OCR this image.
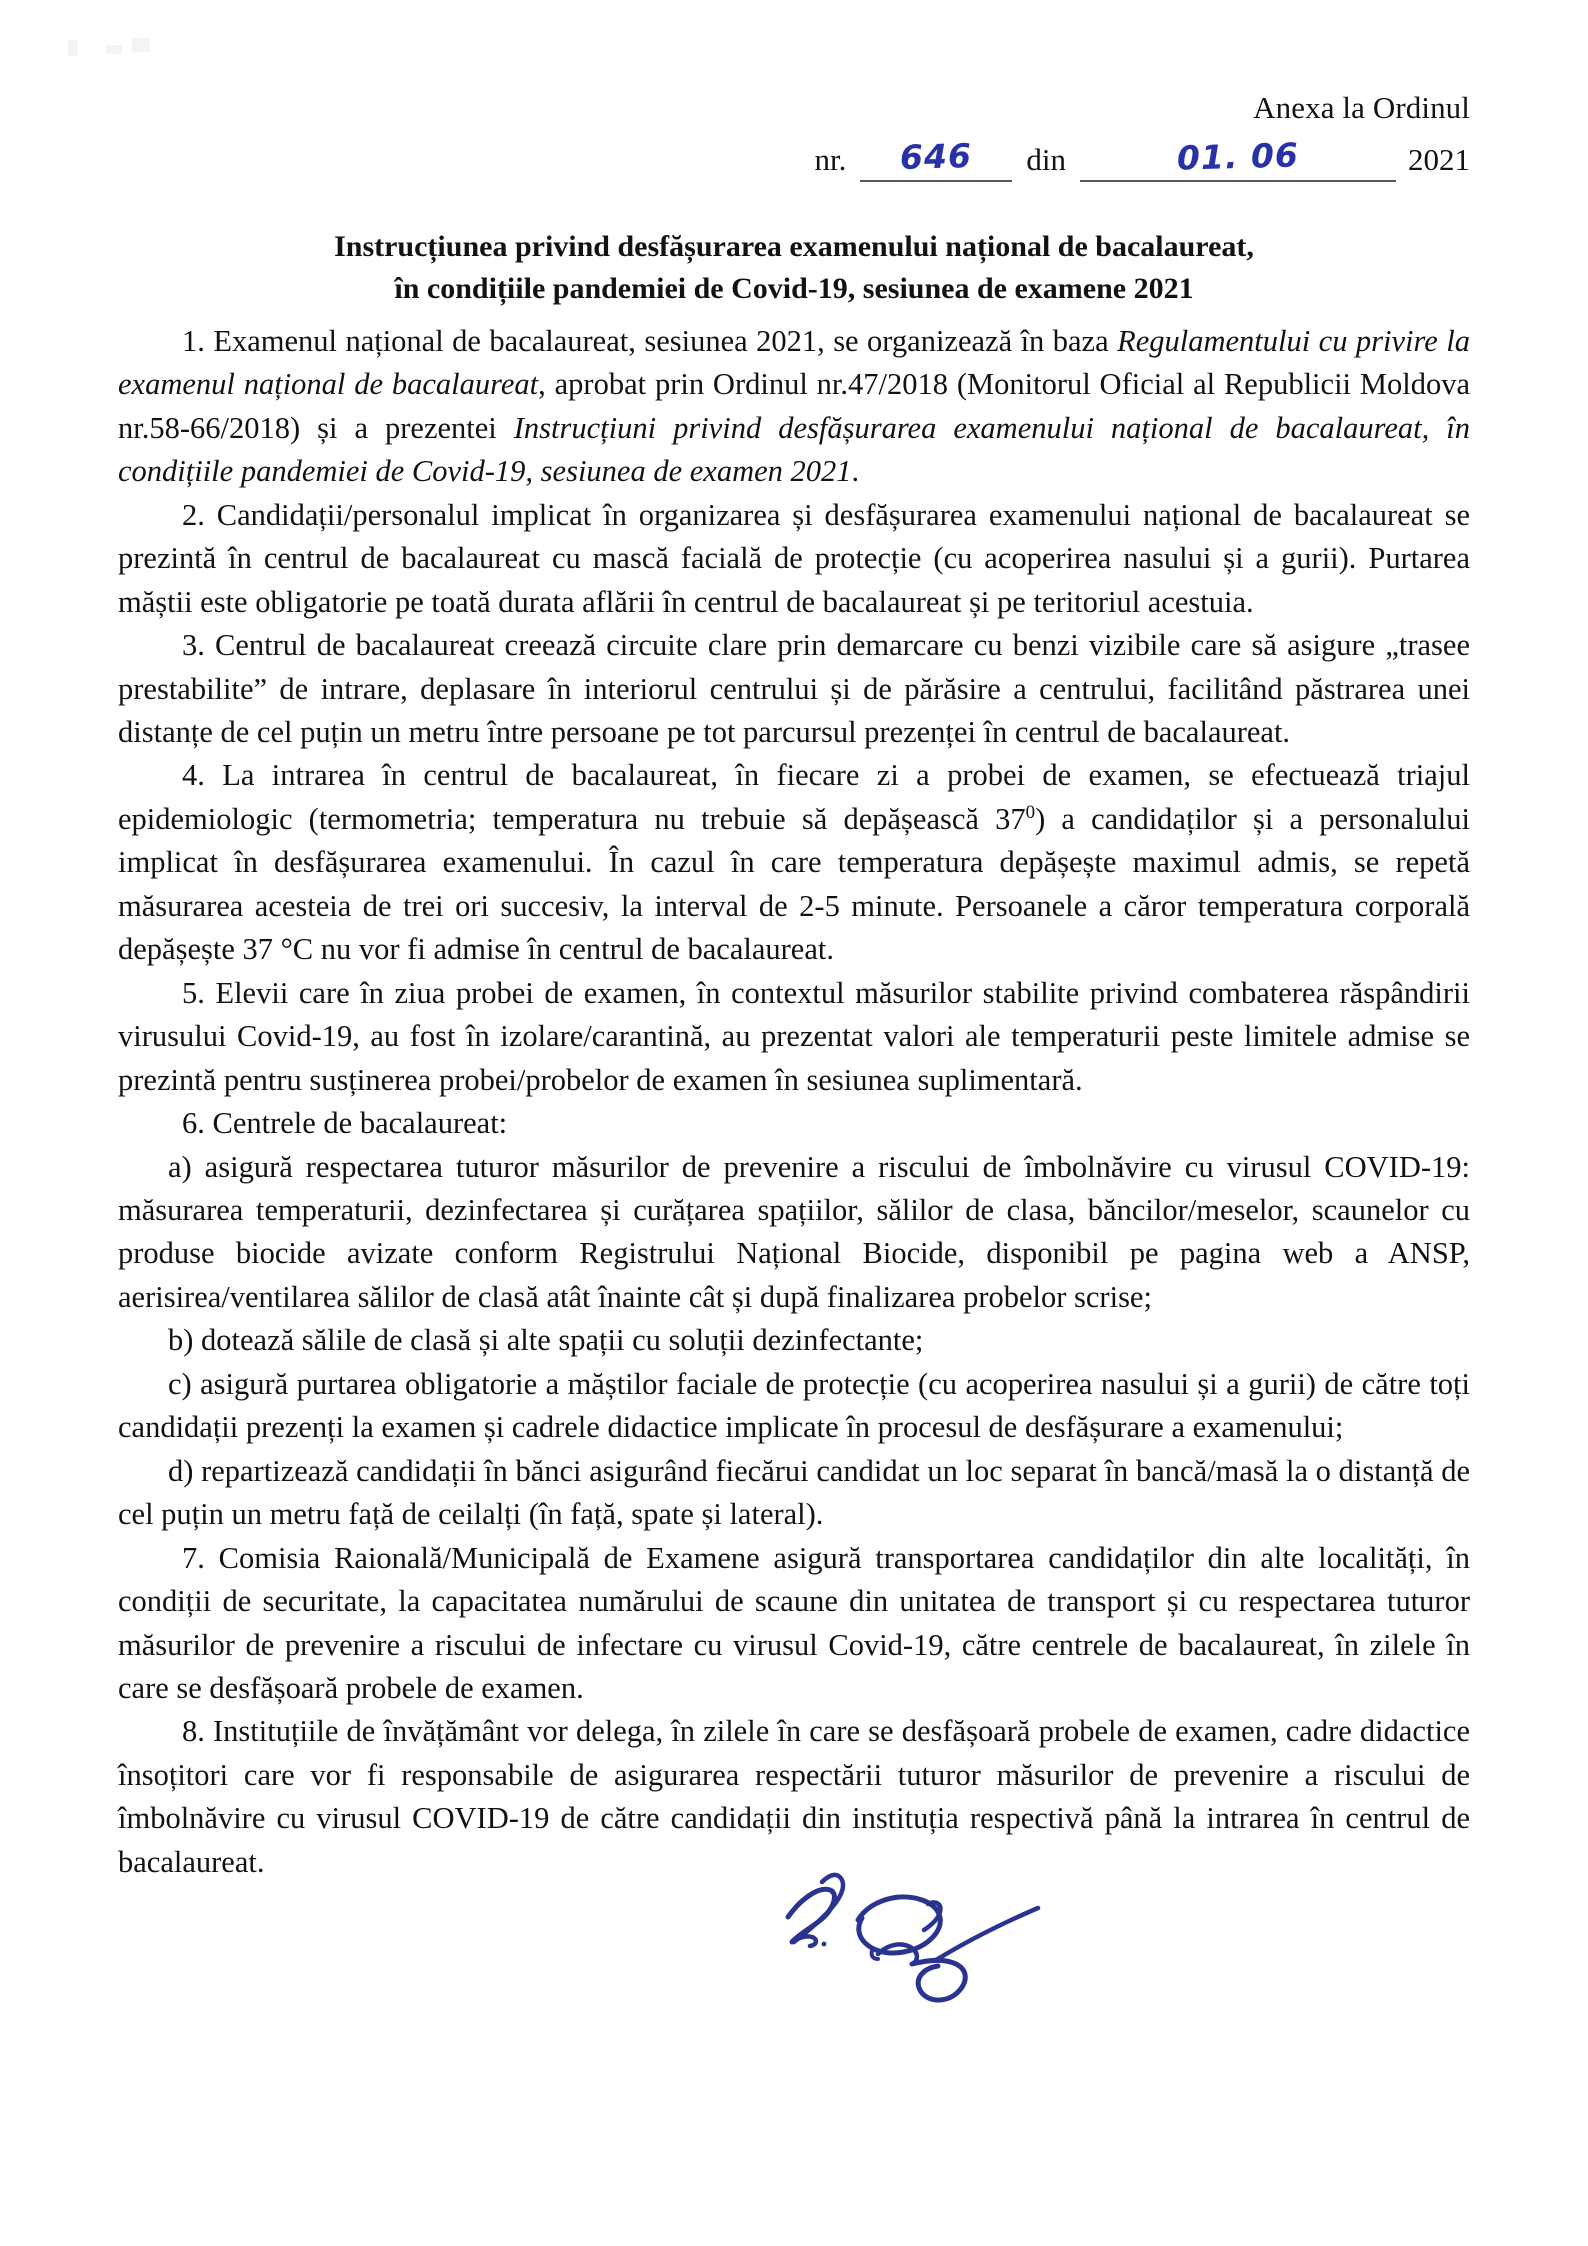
Anexa la Ordinul
nr.	646	din	01. 06	2021
Instrucțiunea privind desfășurarea examenului național de bacalaureat,
în condițiile pandemiei de Covid-19, sesiunea de examene 2021

1. Examenul național de bacalaureat, sesiunea 2021, se organizează în baza Regulamentului cu privire la examenul național de bacalaureat, aprobat prin Ordinul nr.47/2018 (Monitorul Oficial al Republicii Moldova nr.58-66/2018) și a prezentei Instrucțiuni privind desfășurarea examenului național de bacalaureat, în condițiile pandemiei de Covid-19, sesiunea de examen 2021.

2. Candidații/personalul implicat în organizarea și desfășurarea examenului național de bacalaureat se prezintă în centrul de bacalaureat cu mască facială de protecție (cu acoperirea nasului și a gurii). Purtarea măștii este obligatorie pe toată durata aflării în centrul de bacalaureat și pe teritoriul acestuia.

3. Centrul de bacalaureat creează circuite clare prin demarcare cu benzi vizibile care să asigure „trasee prestabilite” de intrare, deplasare în interiorul centrului și de părăsire a centrului, facilitând păstrarea unei distanțe de cel puțin un metru între persoane pe tot parcursul prezenței în centrul de bacalaureat.

4. La intrarea în centrul de bacalaureat, în fiecare zi a probei de examen, se efectuează triajul epidemiologic (termometria; temperatura nu trebuie să depășească $37^0$) a candidaților și a personalului implicat în desfășurarea examenului. În cazul în care temperatura depășește maximul admis, se repetă măsurarea acesteia de trei ori succesiv, la interval de 2-5 minute. Persoanele a căror temperatura corporală depășește 37 °C nu vor fi admise în centrul de bacalaureat.

5. Elevii care în ziua probei de examen, în contextul măsurilor stabilite privind combaterea răspândirii virusului Covid-19, au fost în izolare/carantină, au prezentat valori ale temperaturii peste limitele admise se prezintă pentru susținerea probei/probelor de examen în sesiunea suplimentară.

6. Centrele de bacalaureat:

a) asigură respectarea tuturor măsurilor de prevenire a riscului de îmbolnăvire cu virusul COVID-19: măsurarea temperaturii, dezinfectarea și curățarea spațiilor, sălilor de clasa, băncilor/meselor, scaunelor cu produse biocide avizate conform Registrului Național Biocide, disponibil pe pagina web a ANSP, aerisirea/ventilarea sălilor de clasă atât înainte cât și după finalizarea probelor scrise;

b) dotează sălile de clasă și alte spații cu soluții dezinfectante;

c) asigură purtarea obligatorie a măștilor faciale de protecție (cu acoperirea nasului și a gurii) de către toți candidații prezenți la examen și cadrele didactice implicate în procesul de desfășurare a examenului;

d) repartizează candidații în bănci asigurând fiecărui candidat un loc separat în bancă/masă la o distanță de cel puțin un metru față de ceilalți (în față, spate și lateral).

7. Comisia Raională/Municipală de Examene asigură transportarea candidaților din alte localități, în condiții de securitate, la capacitatea numărului de scaune din unitatea de transport și cu respectarea tuturor măsurilor de prevenire a riscului de infectare cu virusul Covid-19, către centrele de bacalaureat, în zilele în care se desfășoară probele de examen.

8. Instituțiile de învățământ vor delega, în zilele în care se desfășoară probele de examen, cadre didactice însoțitori care vor fi responsabile de asigurarea respectării tuturor măsurilor de prevenire a riscului de îmbolnăvire cu virusul COVID-19 de către candidații din instituția respectivă până la intrarea în centrul de bacalaureat.
